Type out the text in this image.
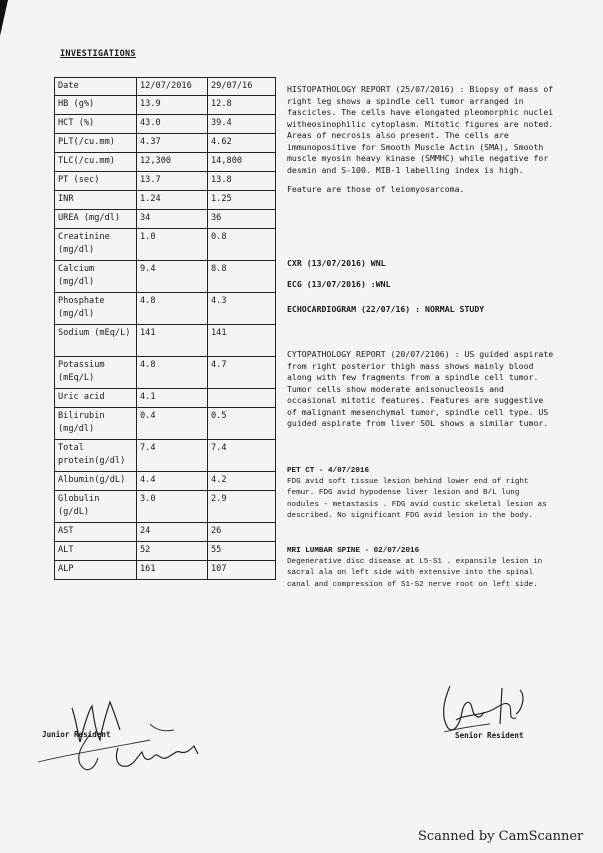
INVESTIGATIONS
Date	12/07/2016	29/07/16
HB (g%)	13.9	12.8
HCT (%)	43.0	39.4
PLT(/cu.mm)	4.37	4.62
TLC(/cu.mm)	12,300	14,800
PT (sec)	13.7	13.8
INR	1.24	1.25
UREA (mg/dl)	34	36
Creatinine (mg/dl)	1.0	0.8
Calcium (mg/dl)	9.4	8.8
Phosphate (mg/dl)	4.8	4.3
Sodium (mEq/L)	141	141
Potassium (mEq/L)	4.8	4.7
Uric acid	4.1	
Bilirubin (mg/dl)	0.4	0.5
Total protein(g/dl)	7.4	7.4
Albumin(g/dL)	4.4	4.2
Globulin (g/dL)	3.0	2.9
AST	24	26
ALT	52	55
ALP	161	107

HISTOPATHOLOGY REPORT (25/07/2016) : Biopsy of mass of right leg shows a spindle cell tumor arranged in fascicles. The cells have elongated pleomorphic nuclei witheosinophilic cytoplasm. Mitotic figures are noted. Areas of necrosis also present. The cells are immunopositive for Smooth Muscle Actin (SMA), Smooth muscle myosin heavy kinase (SMMHC) while negative for desmin and S-100. MIB-1 labelling index is high.

Feature are those of leiomyosarcoma.

CXR (13/07/2016) WNL
ECG (13/07/2016) :WNL
ECHOCARDIOGRAM (22/07/16) : NORMAL STUDY

CYTOPATHOLOGY REPORT (20/07/2106) : US guided aspirate from right posterior thigh mass shows mainly blood along with few fragments from a spindle cell tumor. Tumor cells show moderate anisonucleosis and occasional mitotic features. Features are suggestive of malignant mesenchymal tumor, spindle cell type. US guided aspirate from liver SOL shows a similar tumor.

PET CT - 4/07/2016

FDG avid soft tissue lesion behind lower end of right femur. FDG avid hypodense liver lesion and B/L lung nodules - metastasis . FDG avid custic skeletal lesion as described. No significant FDG avid lesion in the body.

MRI LUMBAR SPINE - 02/07/2016

Degenerative disc disease at L5-S1 . expansile lesion in sacral ala on left side with extensive into the spinal canal and compression of S1-S2 nerve root on left side.

Junior Resident	Senior Resident
Scanned by CamScanner
